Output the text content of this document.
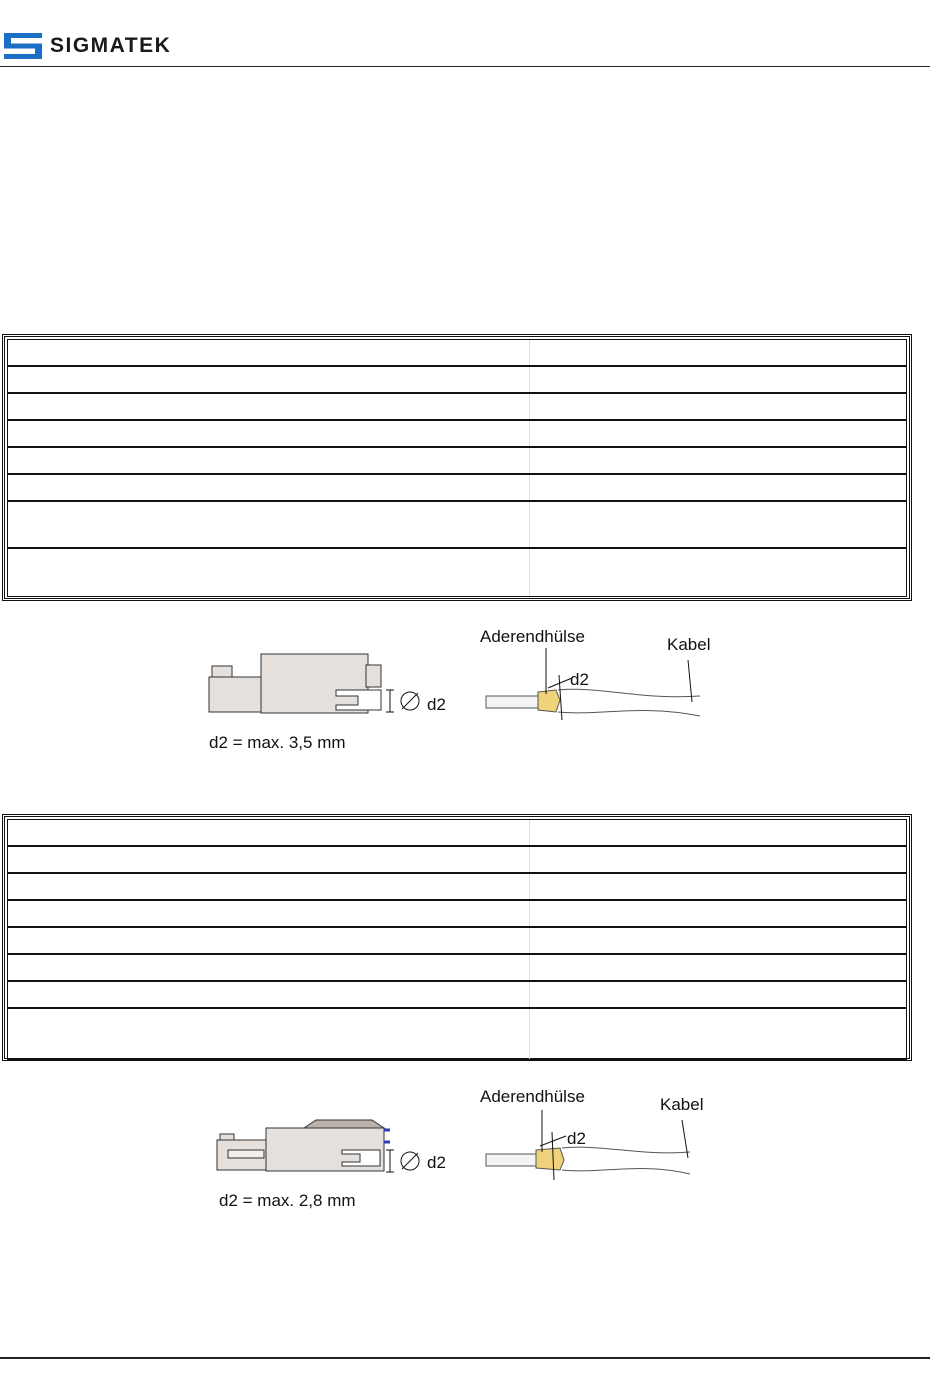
SIGMATEK
Aderendhülse	Kabel
d2
d2
d2 = max. 3,5 mm
Aderendhülse	Kabel
d2
d2
d2 = max. 2,8 mm
